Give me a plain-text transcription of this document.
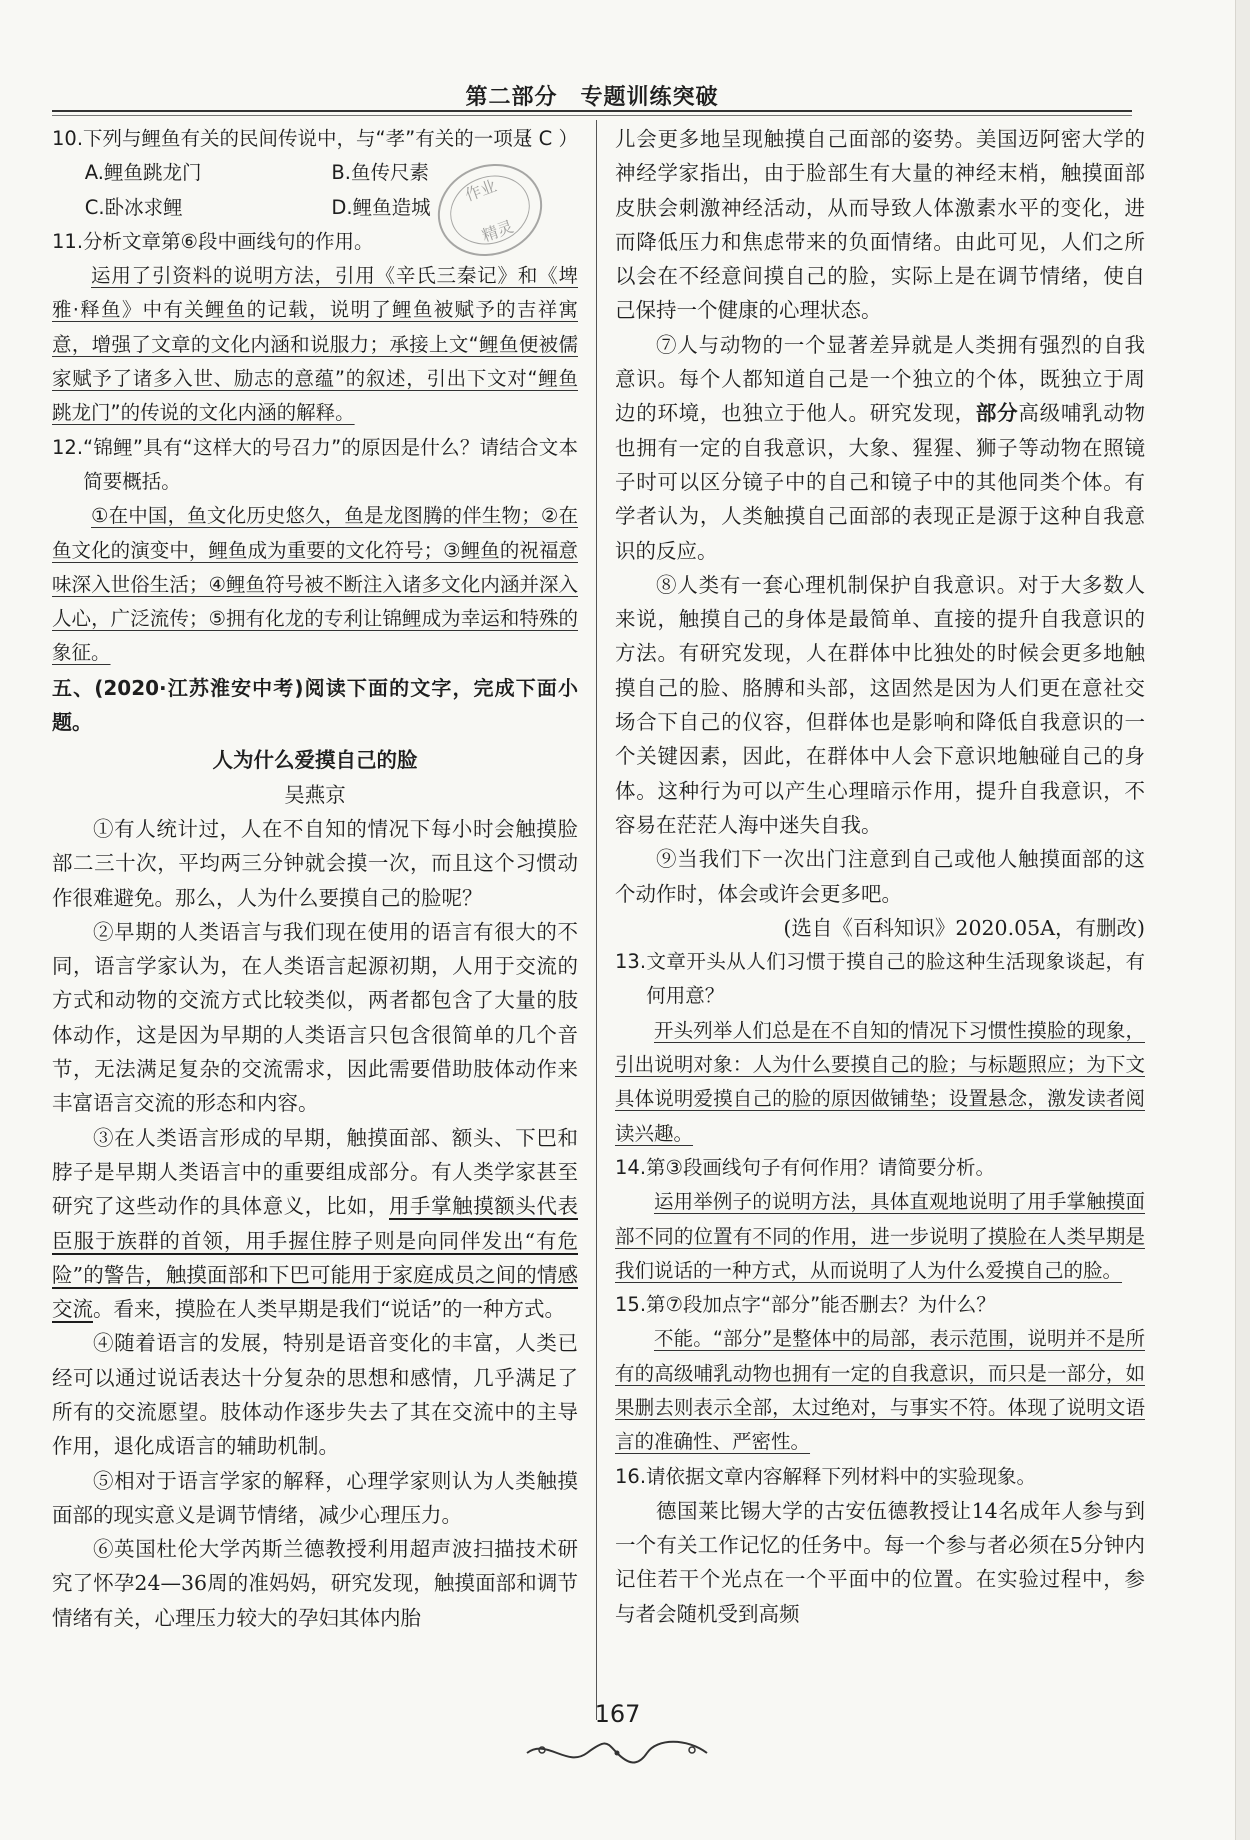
第二部分　专题训练突破

10.下列与鲤鱼有关的民间传说中，与“孝”有关的一项是
（ C ）

A.鲤鱼跳龙门	B.鱼传尺素
C.卧冰求鲤	D.鲤鱼造城

11.分析文章第⑥段中画线句的作用。

运用了引资料的说明方法，引用《辛氏三秦记》和《埤雅·释鱼》中有关鲤鱼的记载，说明了鲤鱼被赋予的吉祥寓意，增强了文章的文化内涵和说服力；承接上文“鲤鱼便被儒家赋予了诸多入世、励志的意蕴”的叙述，引出下文对“鲤鱼跳龙门”的传说的文化内涵的解释。

12.“锦鲤”具有“这样大的号召力”的原因是什么？请结合文本简要概括。

①在中国，鱼文化历史悠久，鱼是龙图腾的伴生物；②在鱼文化的演变中，鲤鱼成为重要的文化符号；③鲤鱼的祝福意味深入世俗生活；④鲤鱼符号被不断注入诸多文化内涵并深入人心，广泛流传；⑤拥有化龙的专利让锦鲤成为幸运和特殊的象征。

五、(2020·江苏淮安中考)阅读下面的文字，完成下面小题。

人为什么爱摸自己的脸

吴燕京

①有人统计过，人在不自知的情况下每小时会触摸脸部二三十次，平均两三分钟就会摸一次，而且这个习惯动作很难避免。那么，人为什么要摸自己的脸呢？

②早期的人类语言与我们现在使用的语言有很大的不同，语言学家认为，在人类语言起源初期，人用于交流的方式和动物的交流方式比较类似，两者都包含了大量的肢体动作，这是因为早期的人类语言只包含很简单的几个音节，无法满足复杂的交流需求，因此需要借助肢体动作来丰富语言交流的形态和内容。

③在人类语言形成的早期，触摸面部、额头、下巴和脖子是早期人类语言中的重要组成部分。有人类学家甚至研究了这些动作的具体意义，比如，用手掌触摸额头代表臣服于族群的首领，用手握住脖子则是向同伴发出“有危险”的警告，触摸面部和下巴可能用于家庭成员之间的情感交流。看来，摸脸在人类早期是我们“说话”的一种方式。

④随着语言的发展，特别是语音变化的丰富，人类已经可以通过说话表达十分复杂的思想和感情，几乎满足了所有的交流愿望。肢体动作逐步失去了其在交流中的主导作用，退化成语言的辅助机制。

⑤相对于语言学家的解释，心理学家则认为人类触摸面部的现实意义是调节情绪，减少心理压力。

⑥英国杜伦大学芮斯兰德教授利用超声波扫描技术研究了怀孕24—36周的准妈妈，研究发现，触摸面部和调节情绪有关，心理压力较大的孕妇其体内胎

儿会更多地呈现触摸自己面部的姿势。美国迈阿密大学的神经学家指出，由于脸部生有大量的神经末梢，触摸面部皮肤会刺激神经活动，从而导致人体激素水平的变化，进而降低压力和焦虑带来的负面情绪。由此可见，人们之所以会在不经意间摸自己的脸，实际上是在调节情绪，使自己保持一个健康的心理状态。

⑦人与动物的一个显著差异就是人类拥有强烈的自我意识。每个人都知道自己是一个独立的个体，既独立于周边的环境，也独立于他人。研究发现，部分高级哺乳动物也拥有一定的自我意识，大象、猩猩、狮子等动物在照镜子时可以区分镜子中的自己和镜子中的其他同类个体。有学者认为，人类触摸自己面部的表现正是源于这种自我意识的反应。

⑧人类有一套心理机制保护自我意识。对于大多数人来说，触摸自己的身体是最简单、直接的提升自我意识的方法。有研究发现，人在群体中比独处的时候会更多地触摸自己的脸、胳膊和头部，这固然是因为人们更在意社交场合下自己的仪容，但群体也是影响和降低自我意识的一个关键因素，因此，在群体中人会下意识地触碰自己的身体。这种行为可以产生心理暗示作用，提升自我意识，不容易在茫茫人海中迷失自我。

⑨当我们下一次出门注意到自己或他人触摸面部的这个动作时，体会或许会更多吧。

(选自《百科知识》2020.05A，有删改)

13.文章开头从人们习惯于摸自己的脸这种生活现象谈起，有何用意？

开头列举人们总是在不自知的情况下习惯性摸脸的现象，引出说明对象：人为什么要摸自己的脸；与标题照应；为下文具体说明爱摸自己的脸的原因做铺垫；设置悬念，激发读者阅读兴趣。

14.第③段画线句子有何作用？请简要分析。

运用举例子的说明方法，具体直观地说明了用手掌触摸面部不同的位置有不同的作用，进一步说明了摸脸在人类早期是我们说话的一种方式，从而说明了人为什么爱摸自己的脸。

15.第⑦段加点字“部分”能否删去？为什么？

不能。“部分”是整体中的局部，表示范围，说明并不是所有的高级哺乳动物也拥有一定的自我意识，而只是一部分，如果删去则表示全部，太过绝对，与事实不符。体现了说明文语言的准确性、严密性。

16.请依据文章内容解释下列材料中的实验现象。

德国莱比锡大学的古安伍德教授让14名成年人参与到一个有关工作记忆的任务中。每一个参与者必须在5分钟内记住若干个光点在一个平面中的位置。在实验过程中，参与者会随机受到高频

作业
精灵
167
